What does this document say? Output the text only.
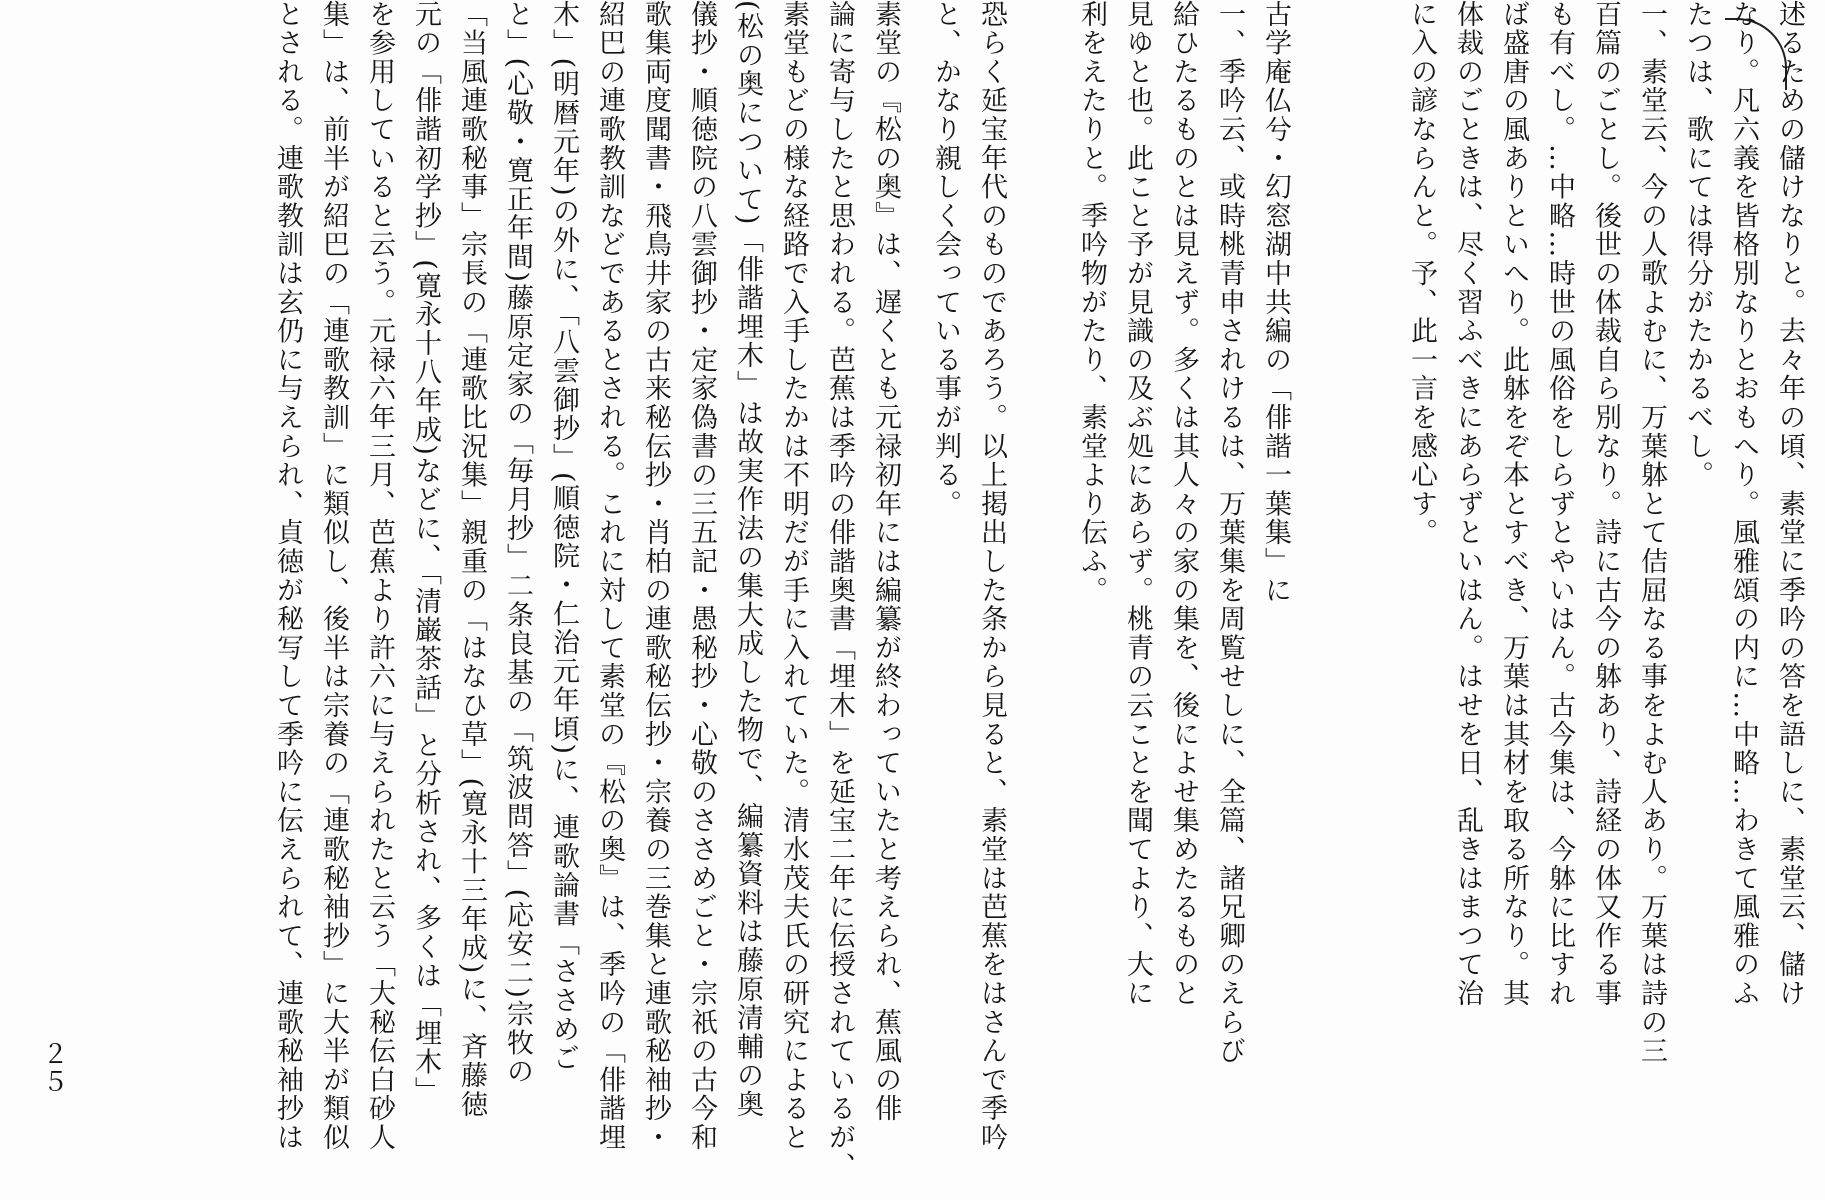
述るための儲けなりと。去々年の頃、素堂に季吟の答を語しに、素堂云、儲け
なり。凡六義を皆格別なりとおもへり。風雅頌の内に…中略…わきて風雅のふ
たつは、歌にては得分がたかるべし。
一、素堂云、今の人歌よむに、万葉躰とて佶屈なる事をよむ人あり。万葉は詩の三
百篇のごとし。後世の体裁自ら別なり。詩に古今の躰あり、詩経の体又作る事
も有べし。…中略…時世の風俗をしらずとやいはん。古今集は、今躰に比すれ
ば盛唐の風ありといへり。此躰をぞ本とすべき、万葉は其材を取る所なり。其
体裁のごときは、尽く習ふべきにあらずといはん。はせを日、乱きはまつて治
に入の諺ならんと。予、此一言を感心す。
古学庵仏兮・幻窓湖中共編の「俳諧一葉集」に
一、季吟云、或時桃青申されけるは、万葉集を周覧せしに、全篇、諸兄卿のえらび
給ひたるものとは見えず。多くは其人々の家の集を、後によせ集めたるものと
見ゆと也。此こと予が見識の及ぶ処にあらず。桃青の云ことを聞てより、大に
利をえたりと。季吟物がたり、素堂より伝ふ。
恐らく延宝年代のものであろう。以上掲出した条から見ると、素堂は芭蕉をはさんで季吟
と、かなり親しく会っている事が判る。
素堂の『松の奥』は、遅くとも元禄初年には編纂が終わっていたと考えられ、蕉風の俳
論に寄与したと思われる。芭蕉は季吟の俳諧奥書「埋木」を延宝二年に伝授されているが、
素堂もどの様な経路で入手したかは不明だが手に入れていた。清水茂夫氏の研究によると
(松の奥について)「俳諧埋木」は故実作法の集大成した物で、編纂資料は藤原清輔の奥
儀抄・順徳院の八雲御抄・定家偽書の三五記・愚秘抄・心敬のささめごと・宗祇の古今和
歌集両度聞書・飛鳥井家の古来秘伝抄・肖柏の連歌秘伝抄・宗養の三巻集と連歌秘袖抄・
紹巴の連歌教訓などであるとされる。これに対して素堂の『松の奥』は、季吟の「俳諧埋
木」(明暦元年)の外に、「八雲御抄」(順徳院・仁治元年頃)に、連歌論書「ささめご
と」(心敬・寛正年間)藤原定家の「毎月抄」二条良基の「筑波問答」(応安二)宗牧の
「当風連歌秘事」宗長の「連歌比況集」親重の「はなひ草」(寛永十三年成)に、斉藤徳
元の「俳諧初学抄」(寛永十八年成)などに、「清巌茶話」と分析され、多くは「埋木」
を参用していると云う。元禄六年三月、芭蕉より許六に与えられたと云う「大秘伝白砂人
集」は、前半が紹巴の「連歌教訓」に類似し、後半は宗養の「連歌秘袖抄」に大半が類似
とされる。連歌教訓は玄仍に与えられ、貞徳が秘写して季吟に伝えられて、連歌秘袖抄は
２５
